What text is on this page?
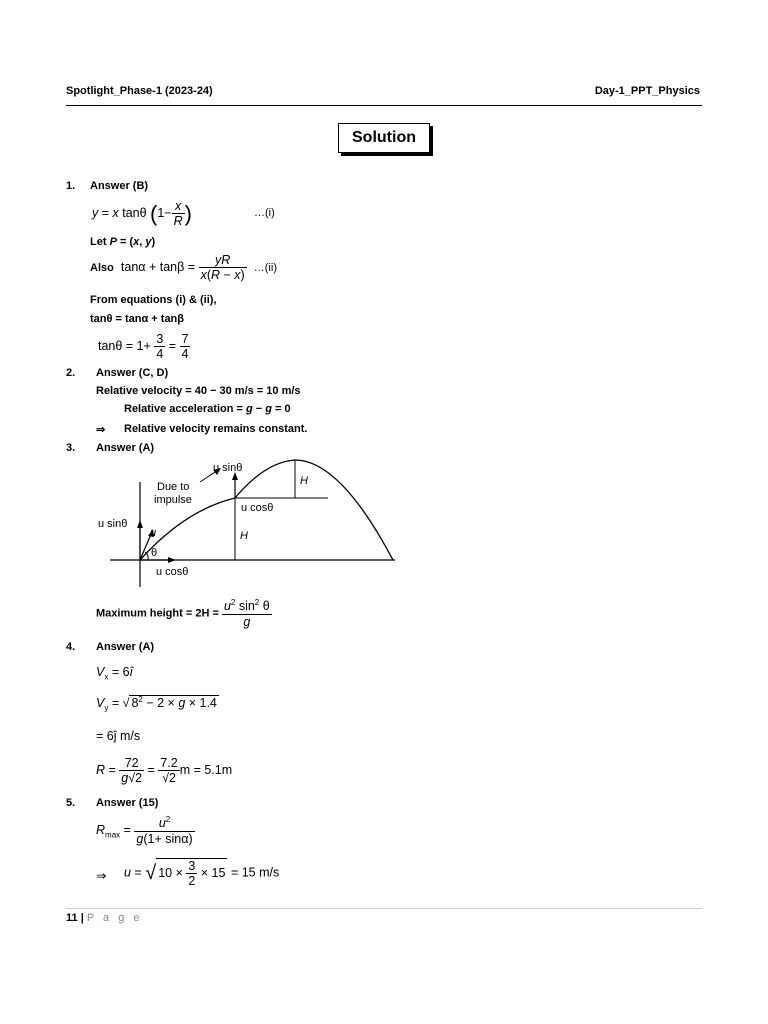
Spotlight_Phase-1 (2023-24)	Day-1_PPT_Physics
Solution
1. Answer (B)
y = x tanθ ($1- \frac{x}{R}$ )	…(i)
Let P = (x, y)
Also $\tan\alpha + \tan\beta = \frac{yR}{x(R - x)}$ …(ii)
From equations (i) & (ii),
tanθ = tanα + tanβ
$\tan\theta = 1+ \frac{3}{4} = \frac{7}{4}$
2. Answer (C, D)
Relative velocity = 40 − 30 m/s = 10 m/s
Relative acceleration = g − g = 0
⇒ Relative velocity remains constant.
3. Answer (A)
u sinθ
Due to
impulse
H
u cosθ
u sinθ
u	H
θ
u cosθ
Maximum height = $2H = \frac{u^2 \sin^2 \theta}{g}$
4. Answer (A)
$V_x$ = 6î
$V_y$ = √ $8^2 - 2 \times g \times 1.4$
= 6ĵ m/s
$R = \frac{72}{g√2} = \frac{7.2}{√2}$ m = 5.1m
5. Answer (15)
$R_{max} = \frac{u^2}{g(1+ \sin\alpha)}$
⇒ u = √ $10 \times \frac{3}{2} \times 15 = 15$ m/s
11 | P a g e
